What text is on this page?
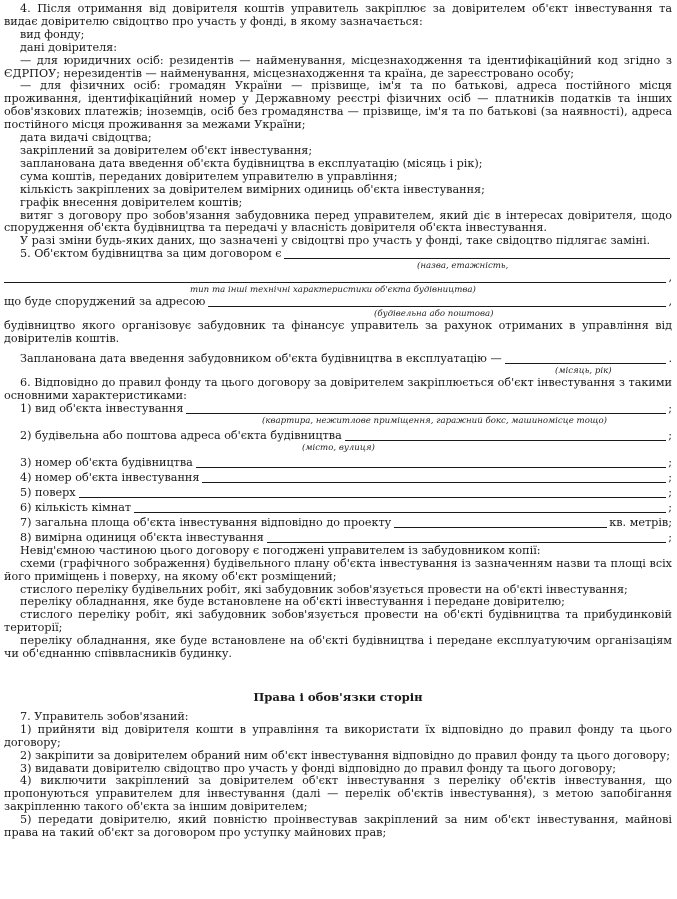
4. Після отримання від довірителя коштів управитель закріплює за довірителем об'єкт інвестування та видає довірителю свідоцтво про участь у фонді, в якому зазначається:

вид фонду;

дані довірителя:

— для юридичних осіб: резидентів — найменування, місцезнаходження та ідентифікаційний код згідно з ЄДРПОУ; нерезидентів — найменування, місцезнаходження та країна, де зареєстровано особу;

— для фізичних осіб: громадян України — прізвище, ім'я та по батькові, адреса постійного місця проживання, ідентифікаційний номер у Державному реєстрі фізичних осіб — платників податків та інших обов'язкових платежів; іноземців, осіб без громадянства — прізвище, ім'я та по батькові (за наявності), адреса постійного місця проживання за межами України;

дата видачі свідоцтва;

закріплений за довірителем об'єкт інвестування;

запланована дата введення об'єкта будівництва в експлуатацію (місяць і рік);

сума коштів, переданих довірителем управителю в управління;

кількість закріплених за довірителем вимірних одиниць об'єкта інвестування;

графік внесення довірителем коштів;

витяг з договору про зобов'язання забудовника перед управителем, який діє в інтересах довірителя, щодо спорудження об'єкта будівництва та передачі у власність довірителя об'єкта інвестування.

У разі зміни будь-яких даних, що зазначені у свідоцтві про участь у фонді, таке свідоцтво підлягає заміні.

5. Об'єктом будівництва за цим договором є
(назва, етажність,
,
тип та інші технічні характеристики об'єкта будівництва)
що буде споруджений за адресою	,
(будівельна або поштова)

будівництво якого організовує забудовник та фінансує управитель за рахунок отриманих в управління від довірителів коштів.

Запланована дата введення забудовником об'єкта будівництва в експлуатацію —	.
(місяць, рік)

6. Відповідно до правил фонду та цього договору за довірителем закріплюється об'єкт інвестування з такими основними характеристиками:

1) вид об'єкта інвестування	;
(квартира, нежитлове приміщення, гаражний бокс, машиномісце тощо)
2) будівельна або поштова адреса об'єкта будівництва	;
(місто, вулиця)
3) номер об'єкта будівництва	;
4) номер об'єкта інвестування	;
5) поверх	;
6) кількість кімнат	;
7) загальна площа об'єкта інвестування відповідно до проекту	кв. метрів;
8) вимірна одиниця об'єкта інвестування	;

Невід'ємною частиною цього договору є погоджені управителем із забудовником копії:

схеми (графічного зображення) будівельного плану об'єкта інвестування із зазначенням назви та площі всіх його приміщень і поверху, на якому об'єкт розміщений;

стислого переліку будівельних робіт, які забудовник зобов'язується провести на об'єкті інвестування;

переліку обладнання, яке буде встановлене на об'єкті інвестування і передане довірителю;

стислого переліку робіт, які забудовник зобов'язується провести на об'єкті будівництва та прибудинковій території;

переліку обладнання, яке буде встановлене на об'єкті будівництва і передане експлуатуючим організаціям чи об'єднанню співвласників будинку.

Права і обов'язки сторін

7. Управитель зобов'язаний:

1) прийняти від довірителя кошти в управління та використати їх відповідно до правил фонду та цього договору;

2) закріпити за довірителем обраний ним об'єкт інвестування відповідно до правил фонду та цього договору;

3) видавати довірителю свідоцтво про участь у фонді відповідно до правил фонду та цього договору;

4) виключити закріплений за довірителем об'єкт інвестування з переліку об'єктів інвестування, що пропонуються управителем для інвестування (далі — перелік об'єктів інвестування), з метою запобігання закріпленню такого об'єкта за іншим довірителем;

5) передати довірителю, який повністю проінвестував закріплений за ним об'єкт інвестування, майнові права на такий об'єкт за договором про уступку майнових прав;
